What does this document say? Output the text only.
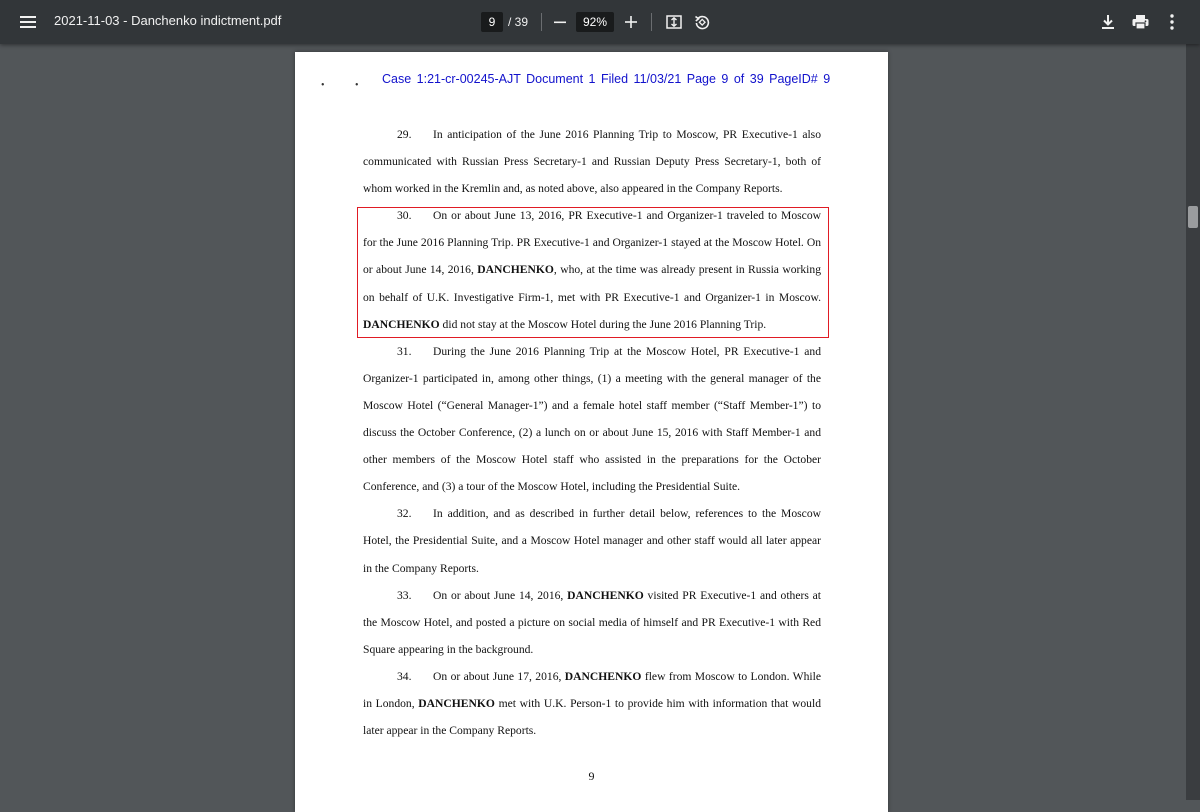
2021-11-03 - Danchenko indictment.pdf	9	/ 39	92%
•	• Case 1:21-cr-00245-AJT Document 1 Filed 11/03/21 Page 9 of 39 PageID# 9

29. In anticipation of the June 2016 Planning Trip to Moscow, PR Executive-1 also communicated with Russian Press Secretary-1 and Russian Deputy Press Secretary-1, both of whom worked in the Kremlin and, as noted above, also appeared in the Company Reports.

30. On or about June 13, 2016, PR Executive-1 and Organizer-1 traveled to Moscow for the June 2016 Planning Trip. PR Executive-1 and Organizer-1 stayed at the Moscow Hotel. On or about June 14, 2016, DANCHENKO, who, at the time was already present in Russia working on behalf of U.K. Investigative Firm-1, met with PR Executive-1 and Organizer-1 in Moscow. DANCHENKO did not stay at the Moscow Hotel during the June 2016 Planning Trip.

31. During the June 2016 Planning Trip at the Moscow Hotel, PR Executive-1 and Organizer-1 participated in, among other things, (1) a meeting with the general manager of the Moscow Hotel (“General Manager-1”) and a female hotel staff member (“Staff Member-1”) to discuss the October Conference, (2) a lunch on or about June 15, 2016 with Staff Member-1 and other members of the Moscow Hotel staff who assisted in the preparations for the October Conference, and (3) a tour of the Moscow Hotel, including the Presidential Suite.

32. In addition, and as described in further detail below, references to the Moscow Hotel, the Presidential Suite, and a Moscow Hotel manager and other staff would all later appear in the Company Reports.

33. On or about June 14, 2016, DANCHENKO visited PR Executive-1 and others at the Moscow Hotel, and posted a picture on social media of himself and PR Executive-1 with Red Square appearing in the background.

34. On or about June 17, 2016, DANCHENKO flew from Moscow to London. While in London, DANCHENKO met with U.K. Person-1 to provide him with information that would later appear in the Company Reports.

9
